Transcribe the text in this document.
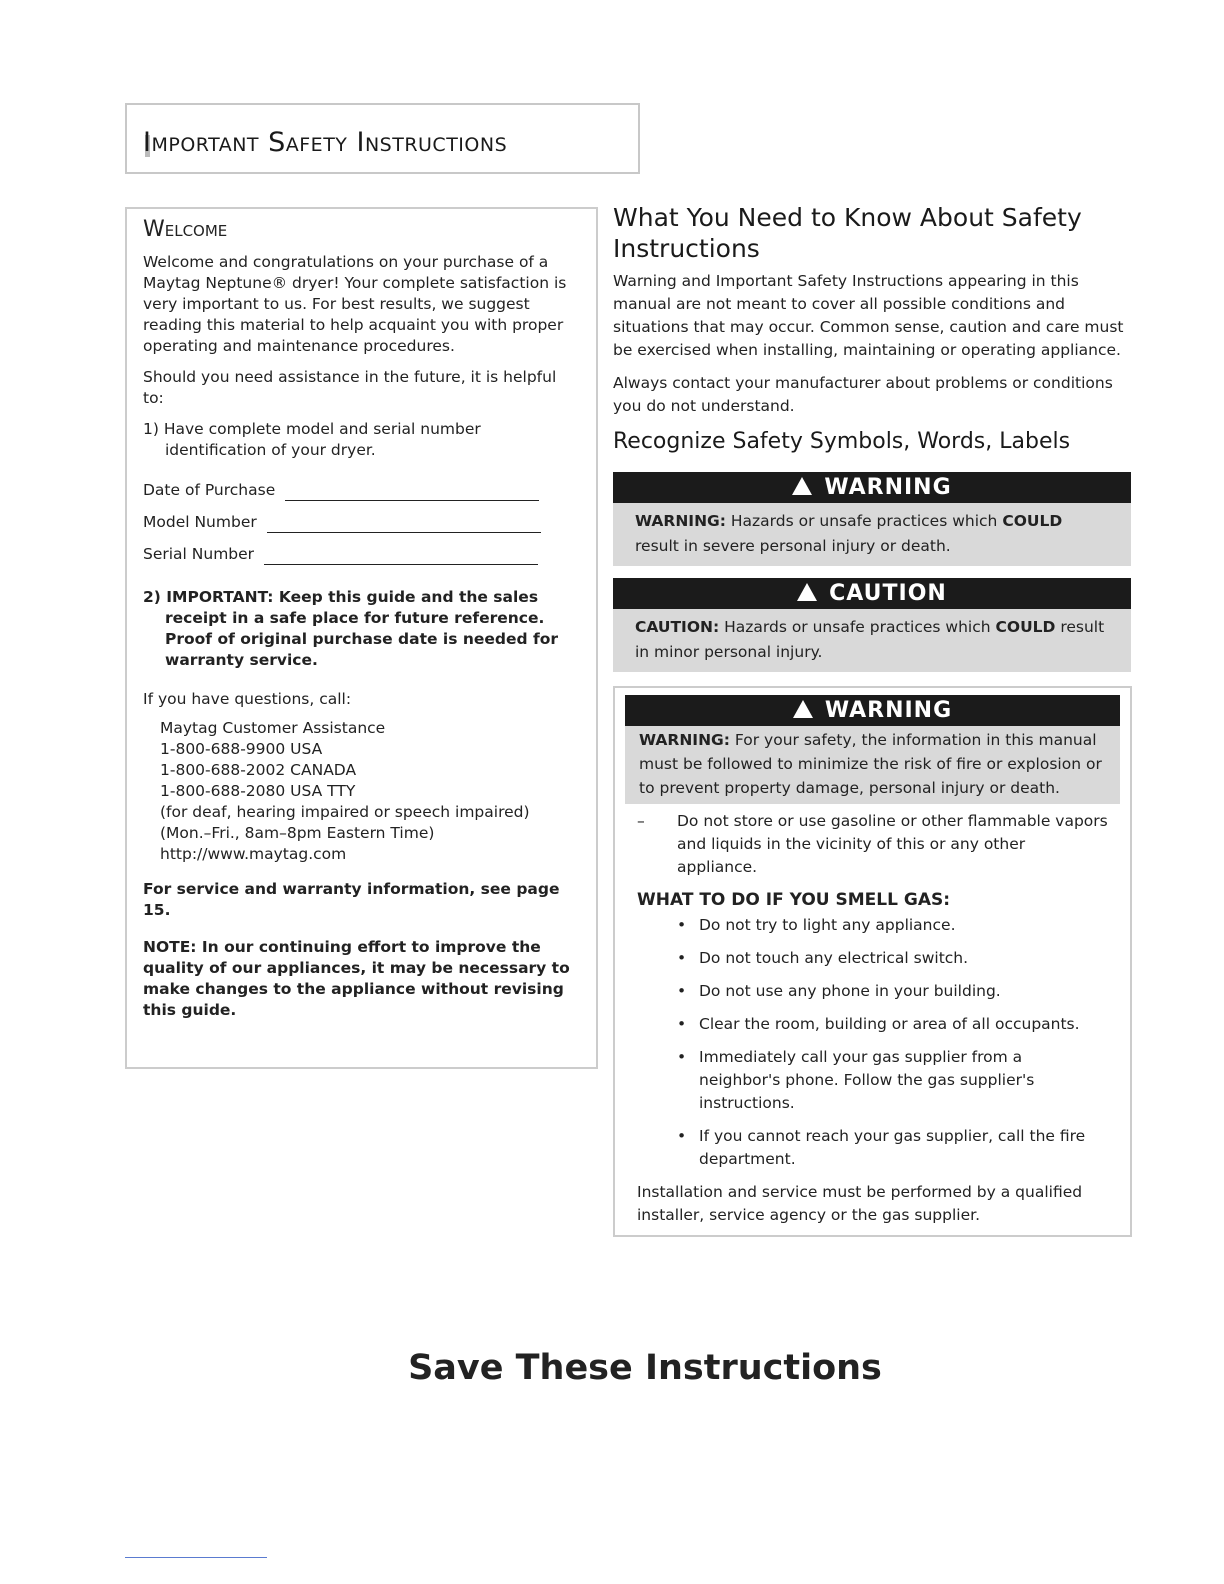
Important Safety Instructions
Welcome

Welcome and congratulations on your purchase of a Maytag Neptune® dryer! Your complete satisfaction is very important to us. For best results, we suggest reading this material to help acquaint you with proper operating and maintenance procedures.

Should you need assistance in the future, it is helpful to:

1) Have complete model and serial number identification of your dryer.

Date of Purchase
Model Number
Serial Number

2) IMPORTANT: Keep this guide and the sales receipt in a safe place for future reference. Proof of original purchase date is needed for warranty service.

If you have questions, call:

Maytag Customer Assistance
1-800-688-9900 USA
1-800-688-2002 CANADA
1-800-688-2080 USA TTY
(for deaf, hearing impaired or speech impaired)
(Mon.–Fri., 8am–8pm Eastern Time)
http://www.maytag.com

For service and warranty information, see page 15.

NOTE: In our continuing effort to improve the quality of our appliances, it may be necessary to make changes to the appliance without revising this guide.

What You Need to Know About Safety Instructions

Warning and Important Safety Instructions appearing in this manual are not meant to cover all possible conditions and situations that may occur. Common sense, caution and care must be exercised when installing, maintaining or operating appliance.

Always contact your manufacturer about problems or conditions you do not understand.

Recognize Safety Symbols, Words, Labels
WARNING
WARNING: Hazards or unsafe practices which COULD result in severe personal injury or death.
CAUTION
CAUTION: Hazards or unsafe practices which COULD result in minor personal injury.
WARNING
WARNING: For your safety, the information in this manual must be followed to minimize the risk of fire or explosion or to prevent property damage, personal injury or death.
– Do not store or use gasoline or other flammable vapors and liquids in the vicinity of this or any other appliance.
WHAT TO DO IF YOU SMELL GAS:
• Do not try to light any appliance.
• Do not touch any electrical switch.
• Do not use any phone in your building.
• Clear the room, building or area of all occupants.
• Immediately call your gas supplier from a neighbor's phone. Follow the gas supplier's instructions.
• If you cannot reach your gas supplier, call the fire department.

Installation and service must be performed by a qualified installer, service agency or the gas supplier.

Save These Instructions
